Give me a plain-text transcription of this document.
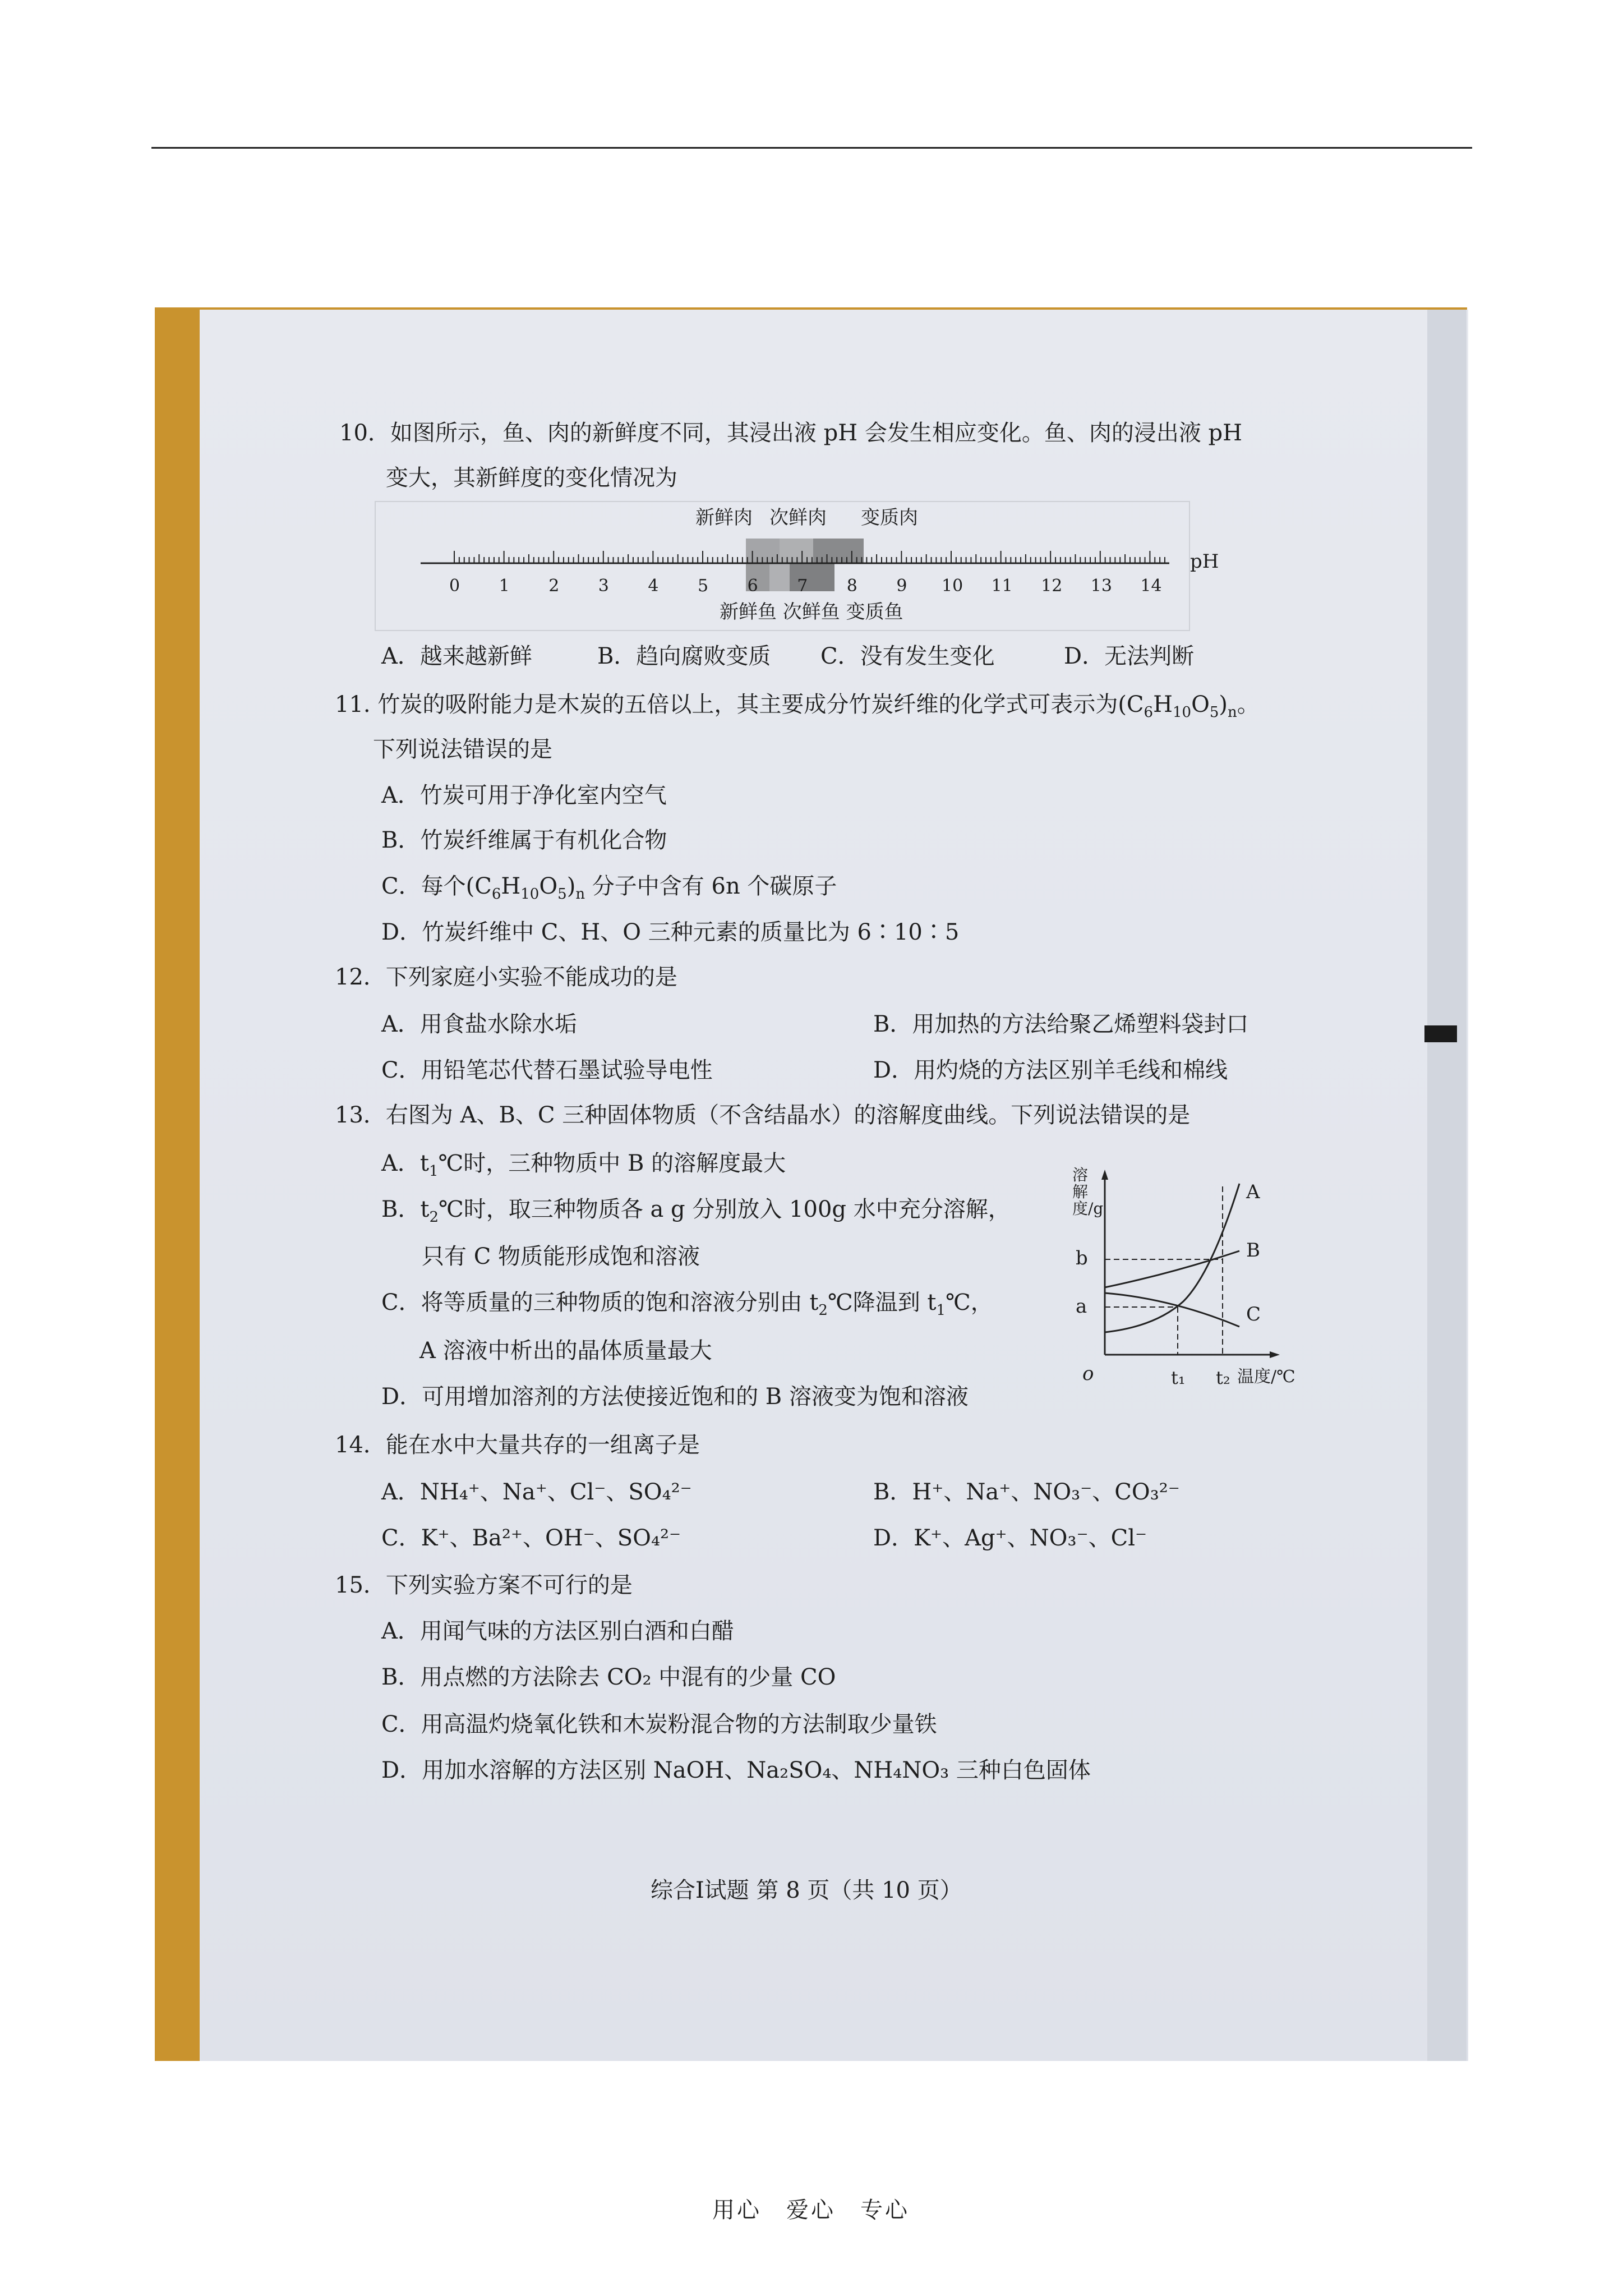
10．如图所示，鱼、肉的新鲜度不同，其浸出液 pH 会发生相应变化。鱼、肉的浸出液 pH
变大，其新鲜度的变化情况为
新鲜肉 次鲜肉 变质肉
pH
0 1 2 3 4 5 6 7 8 9 10 11 12 13 14
新鲜鱼 次鲜鱼 变质鱼
A．越来越新鲜	B．趋向腐败变质 C．没有发生变化	D．无法判断
11. 竹炭的吸附能力是木炭的五倍以上，其主要成分竹炭纤维的化学式可表示为$(C_6H_{10}O_5)_n$。
下列说法错误的是
A．竹炭可用于净化室内空气
B．竹炭纤维属于有机化合物
C．每个$(C_6H_{10}O_5)_n$ 分子中含有 6n 个碳原子
D．竹炭纤维中 C、H、O 三种元素的质量比为 6∶10∶5
12．下列家庭小实验不能成功的是
A．用食盐水除水垢	B．用加热的方法给聚乙烯塑料袋封口
C．用铅笔芯代替石墨试验导电性	D．用灼烧的方法区别羊毛线和棉线
13．右图为 A、B、C 三种固体物质（不含结晶水）的溶解度曲线。下列说法错误的是
A．$t_1℃$时，三种物质中 B 的溶解度最大
B．$t_2℃$时，取三种物质各 a g 分别放入 100g 水中充分溶解，
只有 C 物质能形成饱和溶液
C．将等质量的三种物质的饱和溶液分别由 $t_2℃$降温到 $t_1℃$，
A 溶液中析出的晶体质量最大
D．可用增加溶剂的方法使接近饱和的 B 溶液变为饱和溶液
溶解度/g
b
a
o	t₁ t₂ 温度/℃
A
B
C
14．能在水中大量共存的一组离子是
A．NH₄⁺、Na⁺、Cl⁻、SO₄²⁻	B．H⁺、Na⁺、NO₃⁻、CO₃²⁻
C．K⁺、Ba²⁺、OH⁻、SO₄²⁻	D．K⁺、Ag⁺、NO₃⁻、Cl⁻
15．下列实验方案不可行的是
A．用闻气味的方法区别白酒和白醋
B．用点燃的方法除去 CO₂ 中混有的少量 CO
C．用高温灼烧氧化铁和木炭粉混合物的方法制取少量铁
D．用加水溶解的方法区别 NaOH、Na₂SO₄、NH₄NO₃ 三种白色固体
综合Ⅰ试题 第 8 页（共 10 页）
用心　爱心　专心
